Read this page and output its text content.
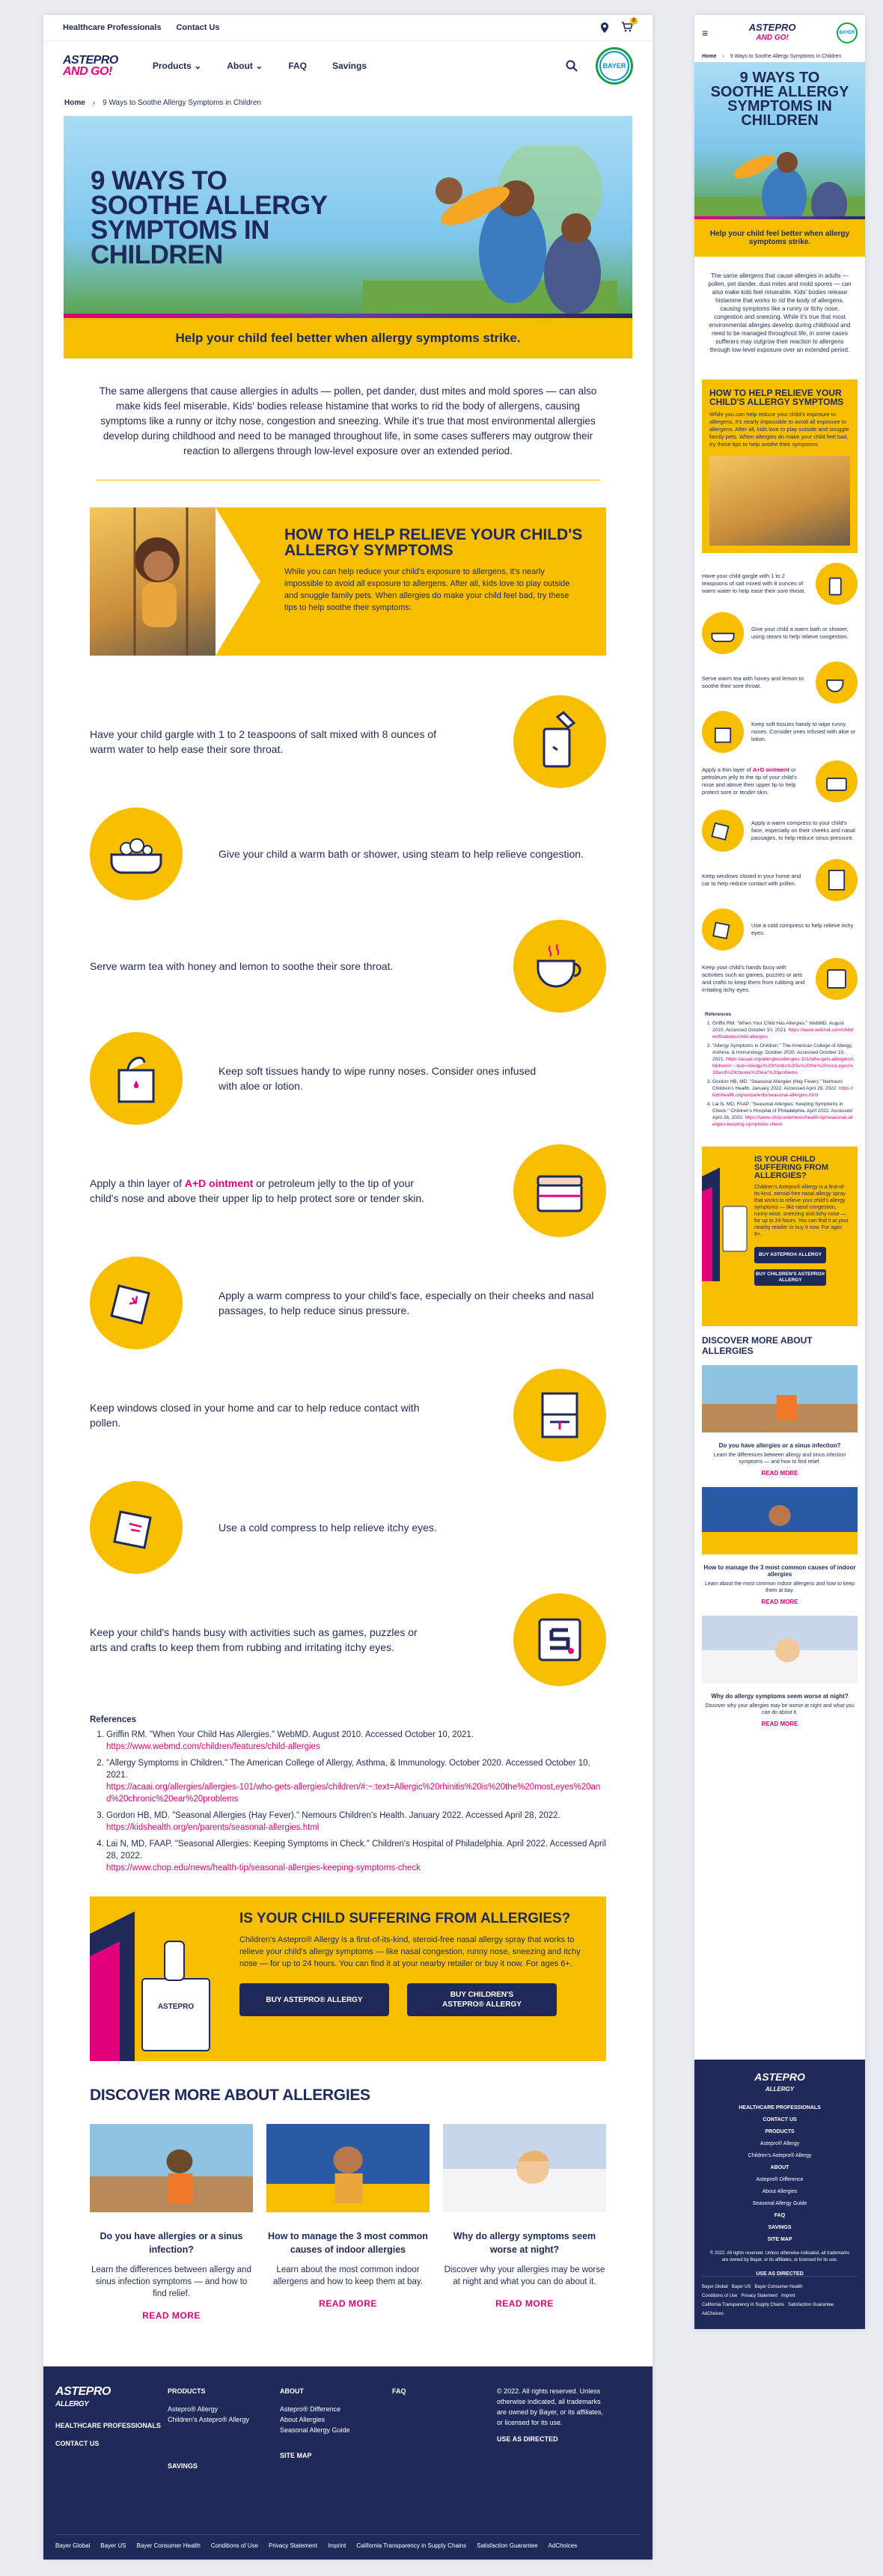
Healthcare Professionals Contact Us
0
ASTEPRO
AND GO!	Products ⌄	About ⌄	FAQ	Savings	BAYER
Home › 9 Ways to Soothe Allergy Symptoms in Children
9 WAYS TO SOOTHE ALLERGY SYMPTOMS IN CHILDREN
Help your child feel better when allergy symptoms strike.

The same allergens that cause allergies in adults — pollen, pet dander, dust mites and mold spores — can also make kids feel miserable. Kids' bodies release histamine that works to rid the body of allergens, causing symptoms like a runny or itchy nose, congestion and sneezing. While it's true that most environmental allergies develop during childhood and need to be managed throughout life, in some cases sufferers may outgrow their reaction to allergens through low-level exposure over an extended period.

HOW TO HELP RELIEVE YOUR CHILD'S ALLERGY SYMPTOMS

While you can help reduce your child's exposure to allergens, it's nearly impossible to avoid all exposure to allergens. After all, kids love to play outside and snuggle family pets. When allergies do make your child feel bad, try these tips to help soothe their symptoms:

Have your child gargle with 1 to 2 teaspoons of salt mixed with 8 ounces of warm water to help ease their sore throat.
Give your child a warm bath or shower, using steam to help relieve congestion.
Serve warm tea with honey and lemon to soothe their sore throat.
Keep soft tissues handy to wipe runny noses. Consider ones infused with aloe or lotion.
Apply a thin layer of A+D ointment or petroleum jelly to the tip of your child's nose and above their upper lip to help protect sore or tender skin.
Apply a warm compress to your child's face, especially on their cheeks and nasal passages, to help reduce sinus pressure.
Keep windows closed in your home and car to help reduce contact with pollen.
Use a cold compress to help relieve itchy eyes.
Keep your child's hands busy with activities such as games, puzzles or arts and crafts to keep them from rubbing and irritating itchy eyes.
References
1. Griffin RM. "When Your Child Has Allergies." WebMD. August 2010. Accessed October 10, 2021.
https://www.webmd.com/children/features/child-allergies
2. "Allergy Symptoms in Children." The American College of Allergy, Asthma, & Immunology. October 2020. Accessed October 10, 2021.
https://acaai.org/allergies/allergies-101/who-gets-allergies/children/#:~:text=Allergic%20rhinitis%20is%20the%20most,eyes%20and%20chronic%20ear%20problems
3. Gordon HB, MD. "Seasonal Allergies (Hay Fever)." Nemours Children's Health. January 2022. Accessed April 28, 2022.
https://kidshealth.org/en/parents/seasonal-allergies.html
4. Lai N, MD, FAAP. "Seasonal Allergies: Keeping Symptoms in Check." Children's Hospital of Philadelphia. April 2022. Accessed April 28, 2022.
https://www.chop.edu/news/health-tip/seasonal-allergies-keeping-symptoms-check
ASTEPRO
IS YOUR CHILD SUFFERING FROM ALLERGIES?

Children's Astepro® Allergy is a first-of-its-kind, steroid-free nasal allergy spray that works to relieve your child's allergy symptoms — like nasal congestion, runny nose, sneezing and itchy nose — for up to 24 hours. You can find it at your nearby retailer or buy it now. For ages 6+.

BUY ASTEPRO® ALLERGY
BUY CHILDREN'S ASTEPRO® ALLERGY
DISCOVER MORE ABOUT ALLERGIES
Do you have allergies or a sinus infection?

Learn the differences between allergy and sinus infection symptoms — and how to find relief.

READ MORE
How to manage the 3 most common causes of indoor allergies

Learn about the most common indoor allergens and how to keep them at bay.

READ MORE
Why do allergy symptoms seem worse at night?

Discover why your allergies may be worse at night and what you can do about it.

READ MORE
ASTEPRO
ALLERGY
HEALTHCARE PROFESSIONALS
CONTACT US
PRODUCTS
Astepro® Allergy
Children's Astepro® Allergy
SAVINGS
ABOUT
Astepro® Difference
About Allergies
Seasonal Allergy Guide
SITE MAP
FAQ	© 2022. All rights reserved. Unless otherwise indicated, all trademarks are owned by Bayer, or its affiliates, or licensed for its use.
USE AS DIRECTED
Bayer Global Bayer US Bayer Consumer Health Conditions of Use Privacy Statement Imprint California Transparency in Supply Chains Satisfaction Guarantee AdChoices
≡	ASTEPRO
AND GO!
BAYER
Home › 9 Ways to Soothe Allergy Symptoms in Children
9 WAYS TO SOOTHE ALLERGY SYMPTOMS IN CHILDREN
Help your child feel better when allergy symptoms strike.

The same allergens that cause allergies in adults — pollen, pet dander, dust mites and mold spores — can also make kids feel miserable. Kids' bodies release histamine that works to rid the body of allergens, causing symptoms like a runny or itchy nose, congestion and sneezing. While it's true that most environmental allergies develop during childhood and need to be managed throughout life, in some cases sufferers may outgrow their reaction to allergens through low-level exposure over an extended period.

HOW TO HELP RELIEVE YOUR CHILD'S ALLERGY SYMPTOMS

While you can help reduce your child's exposure to allergens, it's nearly impossible to avoid all exposure to allergens. After all, kids love to play outside and snuggle family pets. When allergies do make your child feel bad, try these tips to help soothe their symptoms:

Have your child gargle with 1 to 2 teaspoons of salt mixed with 8 ounces of warm water to help ease their sore throat.
Give your child a warm bath or shower, using steam to help relieve congestion.
Serve warm tea with honey and lemon to soothe their sore throat.
Keep soft tissues handy to wipe runny noses. Consider ones infused with aloe or lotion.
Apply a thin layer of A+D ointment or petroleum jelly to the tip of your child's nose and above their upper lip to help protect sore or tender skin.
Apply a warm compress to your child's face, especially on their cheeks and nasal passages, to help reduce sinus pressure.
Keep windows closed in your home and car to help reduce contact with pollen.
Use a cold compress to help relieve itchy eyes.
Keep your child's hands busy with activities such as games, puzzles or arts and crafts to keep them from rubbing and irritating itchy eyes.
References
1. Griffin RM. "When Your Child Has Allergies." WebMD. August 2010. Accessed October 10, 2021. https://www.webmd.com/children/features/child-allergies
2. "Allergy Symptoms in Children." The American College of Allergy, Asthma, & Immunology. October 2020. Accessed October 10, 2021. https://acaai.org/allergies/allergies-101/who-gets-allergies/children/#:~:text=Allergic%20rhinitis%20is%20the%20most,eyes%20and%20chronic%20ear%20problems
3. Gordon HB, MD. "Seasonal Allergies (Hay Fever)." Nemours Children's Health. January 2022. Accessed April 28, 2022. https://kidshealth.org/en/parents/seasonal-allergies.html
4. Lai N, MD, FAAP. "Seasonal Allergies: Keeping Symptoms in Check." Children's Hospital of Philadelphia. April 2022. Accessed April 28, 2022. https://www.chop.edu/news/health-tip/seasonal-allergies-keeping-symptoms-check
IS YOUR CHILD SUFFERING FROM ALLERGIES?

Children's Astepro® Allergy is a first-of-its-kind, steroid-free nasal allergy spray that works to relieve your child's allergy symptoms — like nasal congestion, runny nose, sneezing and itchy nose — for up to 24 hours. You can find it at your nearby retailer or buy it now. For ages 6+.

BUY ASTEPRO® ALLERGY
BUY CHILDREN'S ASTEPRO® ALLERGY
DISCOVER MORE ABOUT ALLERGIES
Do you have allergies or a sinus infection?

Learn the differences between allergy and sinus infection symptoms — and how to find relief.

READ MORE
How to manage the 3 most common causes of indoor allergies

Learn about the most common indoor allergens and how to keep them at bay.

READ MORE
Why do allergy symptoms seem worse at night?

Discover why your allergies may be worse at night and what you can do about it.

READ MORE
ASTEPRO
ALLERGY
HEALTHCARE PROFESSIONALS
CONTACT US
PRODUCTS
Astepro® Allergy
Children's Astepro® Allergy
ABOUT
Astepro® Difference
About Allergies
Seasonal Allergy Guide
FAQ
SAVINGS
SITE MAP
© 2022. All rights reserved. Unless otherwise indicated, all trademarks are owned by Bayer, or its affiliates, or licensed for its use.
USE AS DIRECTED
Bayer Global Bayer US Bayer Consumer Health
Conditions of Use Privacy Statement Imprint
California Transparency in Supply Chains Satisfaction Guarantee   AdChoices
